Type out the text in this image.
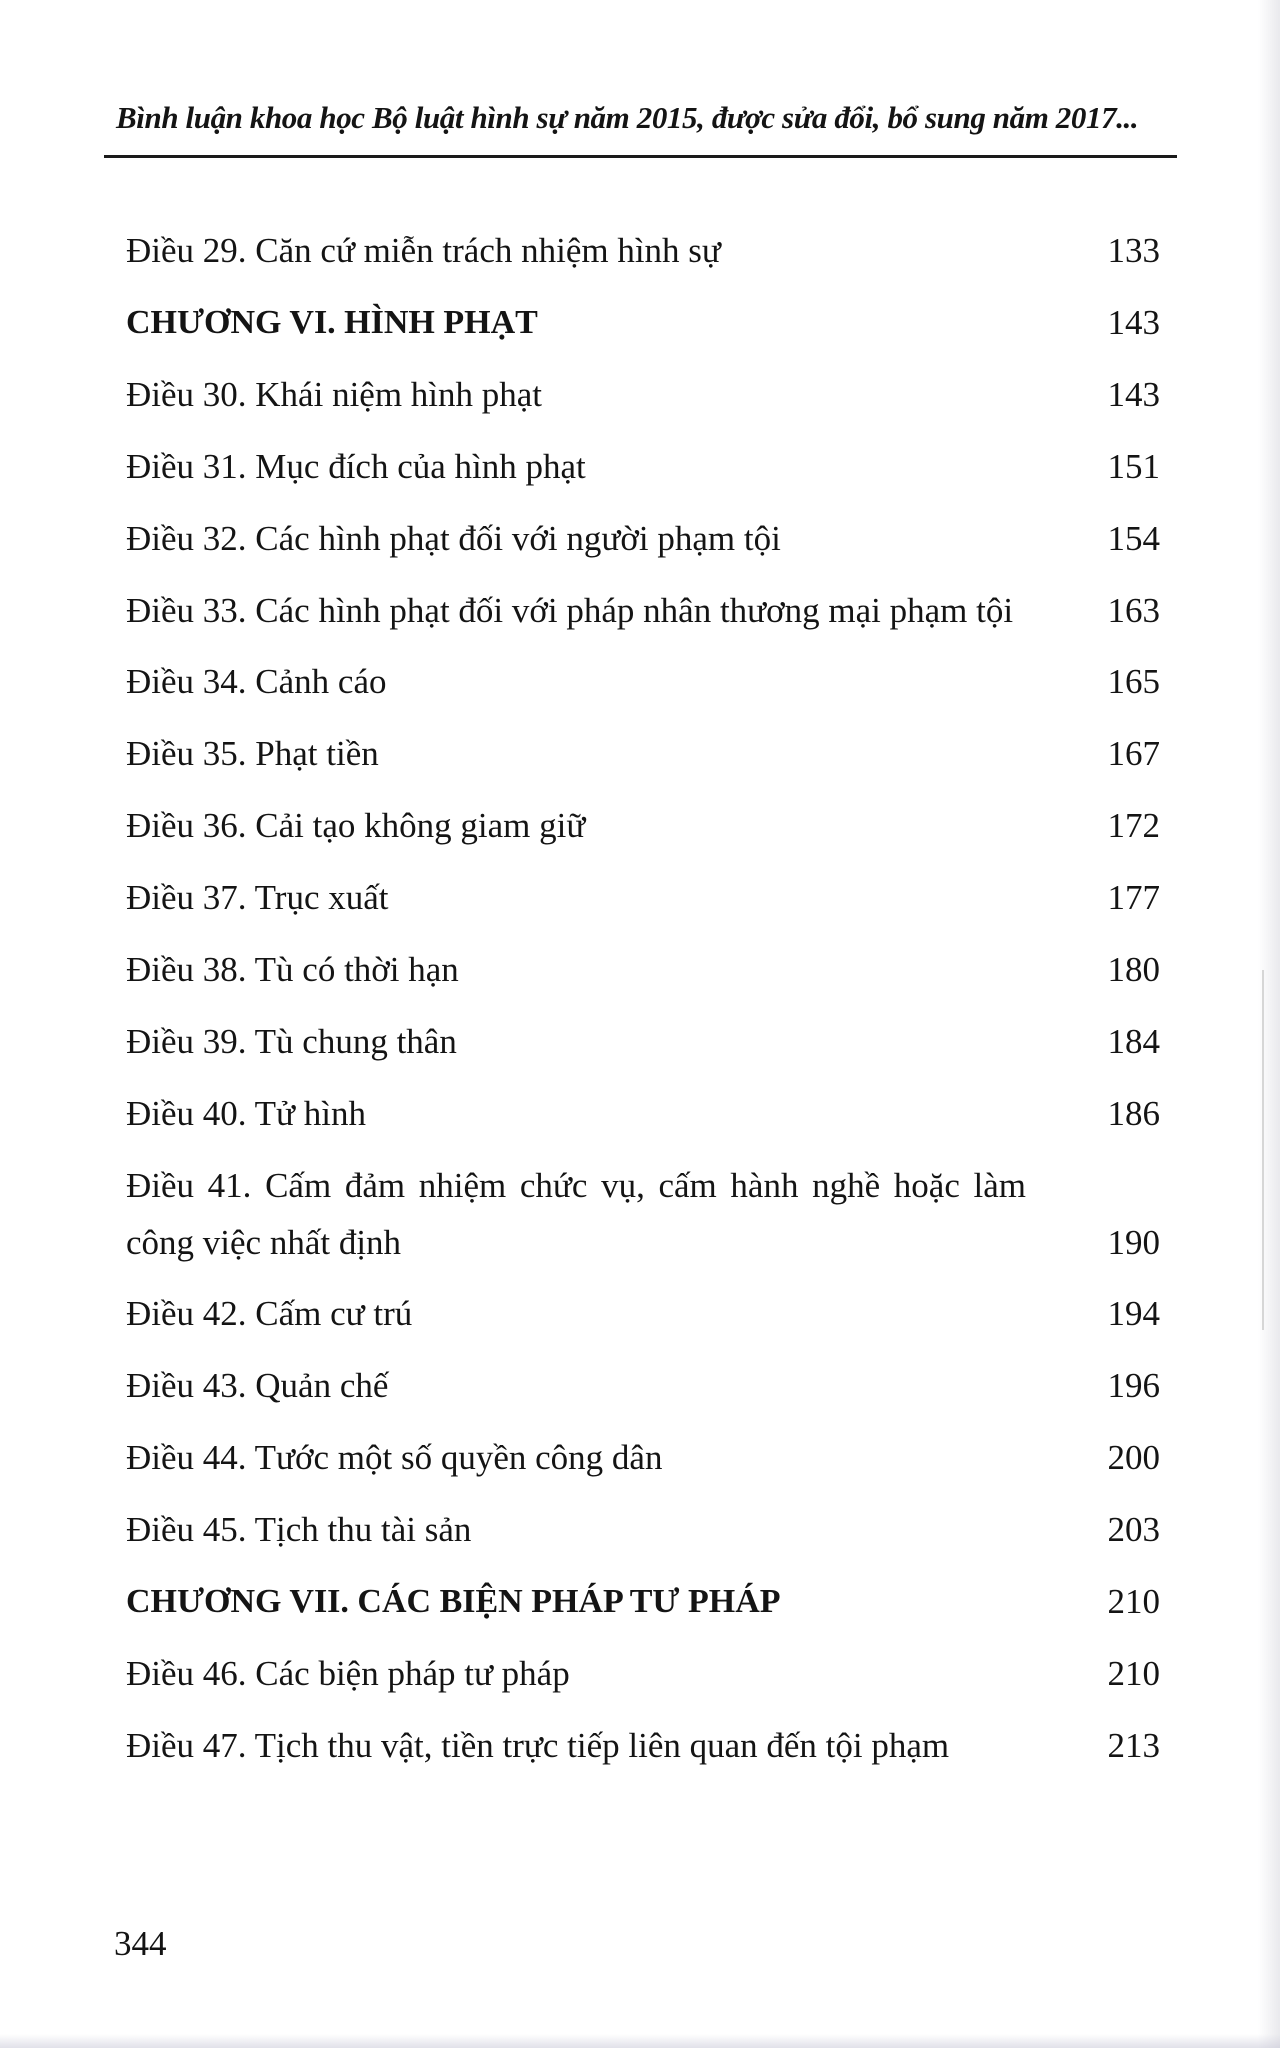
Bình luận khoa học Bộ luật hình sự năm 2015, được sửa đổi, bổ sung năm 2017...
Điều 29. Căn cứ miễn trách nhiệm hình sự	133
CHƯƠNG VI. HÌNH PHẠT	143
Điều 30. Khái niệm hình phạt	143
Điều 31. Mục đích của hình phạt	151
Điều 32. Các hình phạt đối với người phạm tội	154
Điều 33. Các hình phạt đối với pháp nhân thương mại phạm tội	163
Điều 34. Cảnh cáo	165
Điều 35. Phạt tiền	167
Điều 36. Cải tạo không giam giữ	172
Điều 37. Trục xuất	177
Điều 38. Tù có thời hạn	180
Điều 39. Tù chung thân	184
Điều 40. Tử hình	186
Điều 41. Cấm đảm nhiệm chức vụ, cấm hành nghề hoặc làm công việc nhất định	190
Điều 42. Cấm cư trú	194
Điều 43. Quản chế	196
Điều 44. Tước một số quyền công dân	200
Điều 45. Tịch thu tài sản	203
CHƯƠNG VII. CÁC BIỆN PHÁP TƯ PHÁP	210
Điều 46. Các biện pháp tư pháp	210
Điều 47. Tịch thu vật, tiền trực tiếp liên quan đến tội phạm	213
344
